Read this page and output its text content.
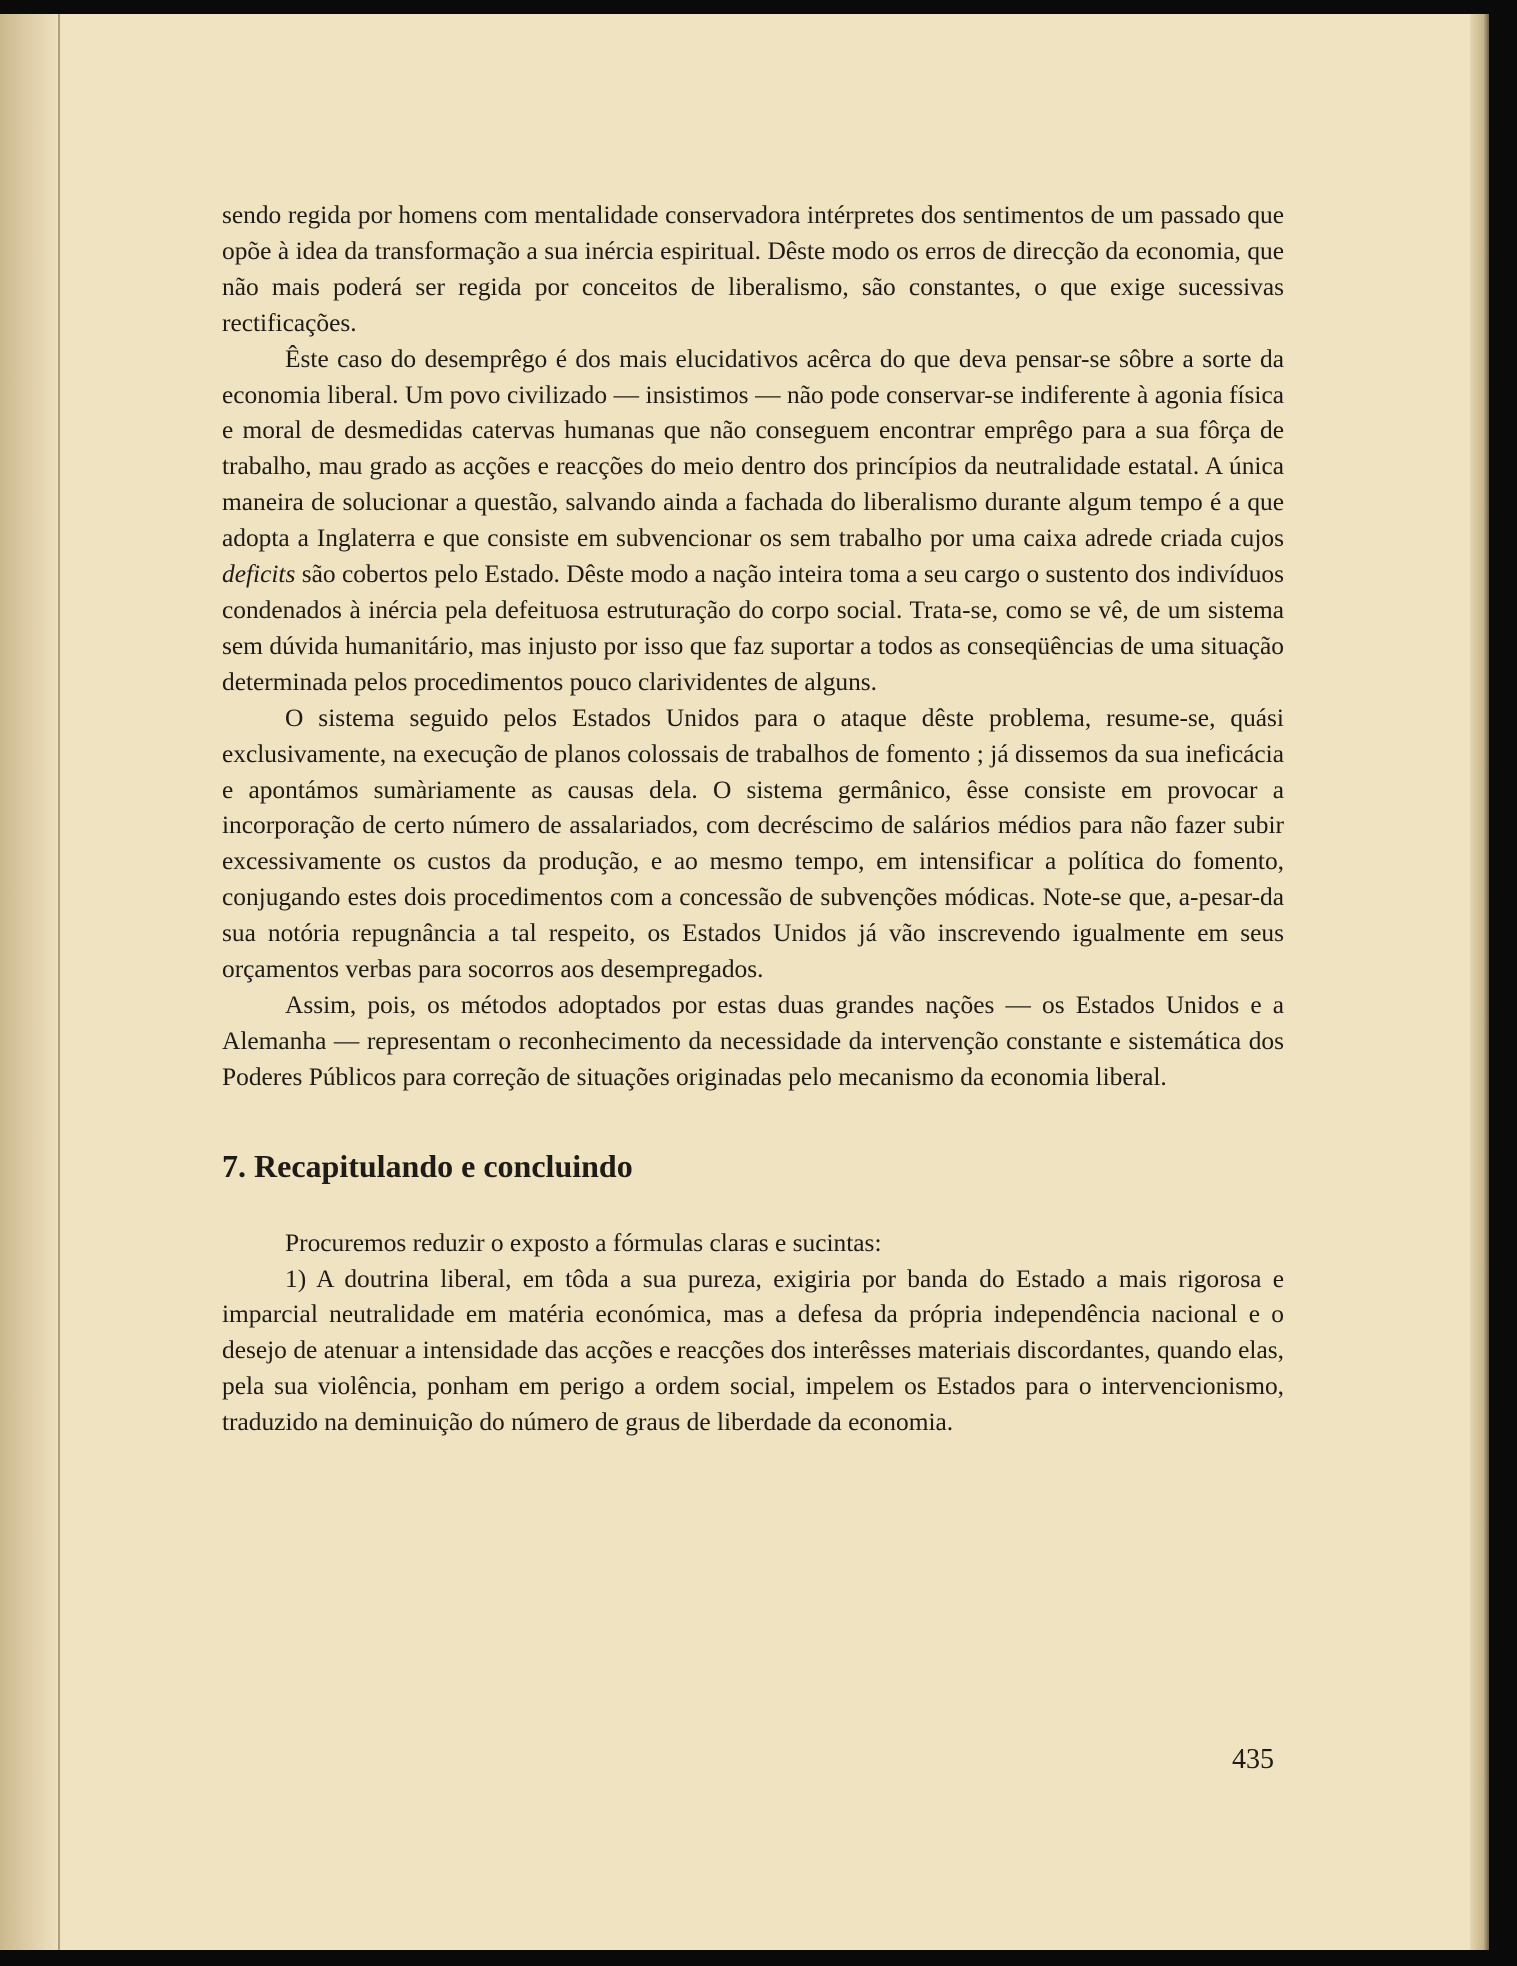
sendo regida por homens com mentalidade conservadora intérpretes dos sentimentos de um passado que opõe à idea da transformação a sua inércia espiritual. Dêste modo os erros de direcção da economia, que não mais poderá ser regida por conceitos de liberalismo, são constantes, o que exige sucessivas rectificações.

Êste caso do desemprêgo é dos mais elucidativos acêrca do que deva pensar-se sôbre a sorte da economia liberal. Um povo civilizado — insistimos — não pode conservar-se indiferente à agonia física e moral de desmedidas catervas humanas que não conseguem encontrar emprêgo para a sua fôrça de trabalho, mau grado as acções e reacções do meio dentro dos princípios da neutralidade estatal. A única maneira de solucionar a questão, salvando ainda a fachada do liberalismo durante algum tempo é a que adopta a Inglaterra e que consiste em subvencionar os sem trabalho por uma caixa adrede criada cujos deficits são cobertos pelo Estado. Dêste modo a nação inteira toma a seu cargo o sustento dos indivíduos condenados à inércia pela defeituosa estruturação do corpo social. Trata-se, como se vê, de um sistema sem dúvida humanitário, mas injusto por isso que faz suportar a todos as conseqüências de uma situação determinada pelos procedimentos pouco clarividentes de alguns.

O sistema seguido pelos Estados Unidos para o ataque dêste problema, resume-se, quási exclusivamente, na execução de planos colossais de trabalhos de fomento ; já dissemos da sua ineficácia e apontámos sumàriamente as causas dela. O sistema germânico, êsse consiste em provocar a incorporação de certo número de assalariados, com decréscimo de salários médios para não fazer subir excessivamente os custos da produção, e ao mesmo tempo, em intensificar a política do fomento, conjugando estes dois procedimentos com a concessão de subvenções módicas. Note-se que, a-pesar-da sua notória repugnância a tal respeito, os Estados Unidos já vão inscrevendo igualmente em seus orçamentos verbas para socorros aos desempregados.

Assim, pois, os métodos adoptados por estas duas grandes nações — os Estados Unidos e a Alemanha — representam o reconhecimento da necessidade da intervenção constante e sistemática dos Poderes Públicos para correção de situações originadas pelo mecanismo da economia liberal.

7. Recapitulando e concluindo

Procuremos reduzir o exposto a fórmulas claras e sucintas:

1) A doutrina liberal, em tôda a sua pureza, exigiria por banda do Estado a mais rigorosa e imparcial neutralidade em matéria económica, mas a defesa da própria independência nacional e o desejo de atenuar a intensidade das acções e reacções dos interêsses materiais discordantes, quando elas, pela sua violência, ponham em perigo a ordem social, impelem os Estados para o intervencionismo, traduzido na deminuição do número de graus de liberdade da economia.

435
